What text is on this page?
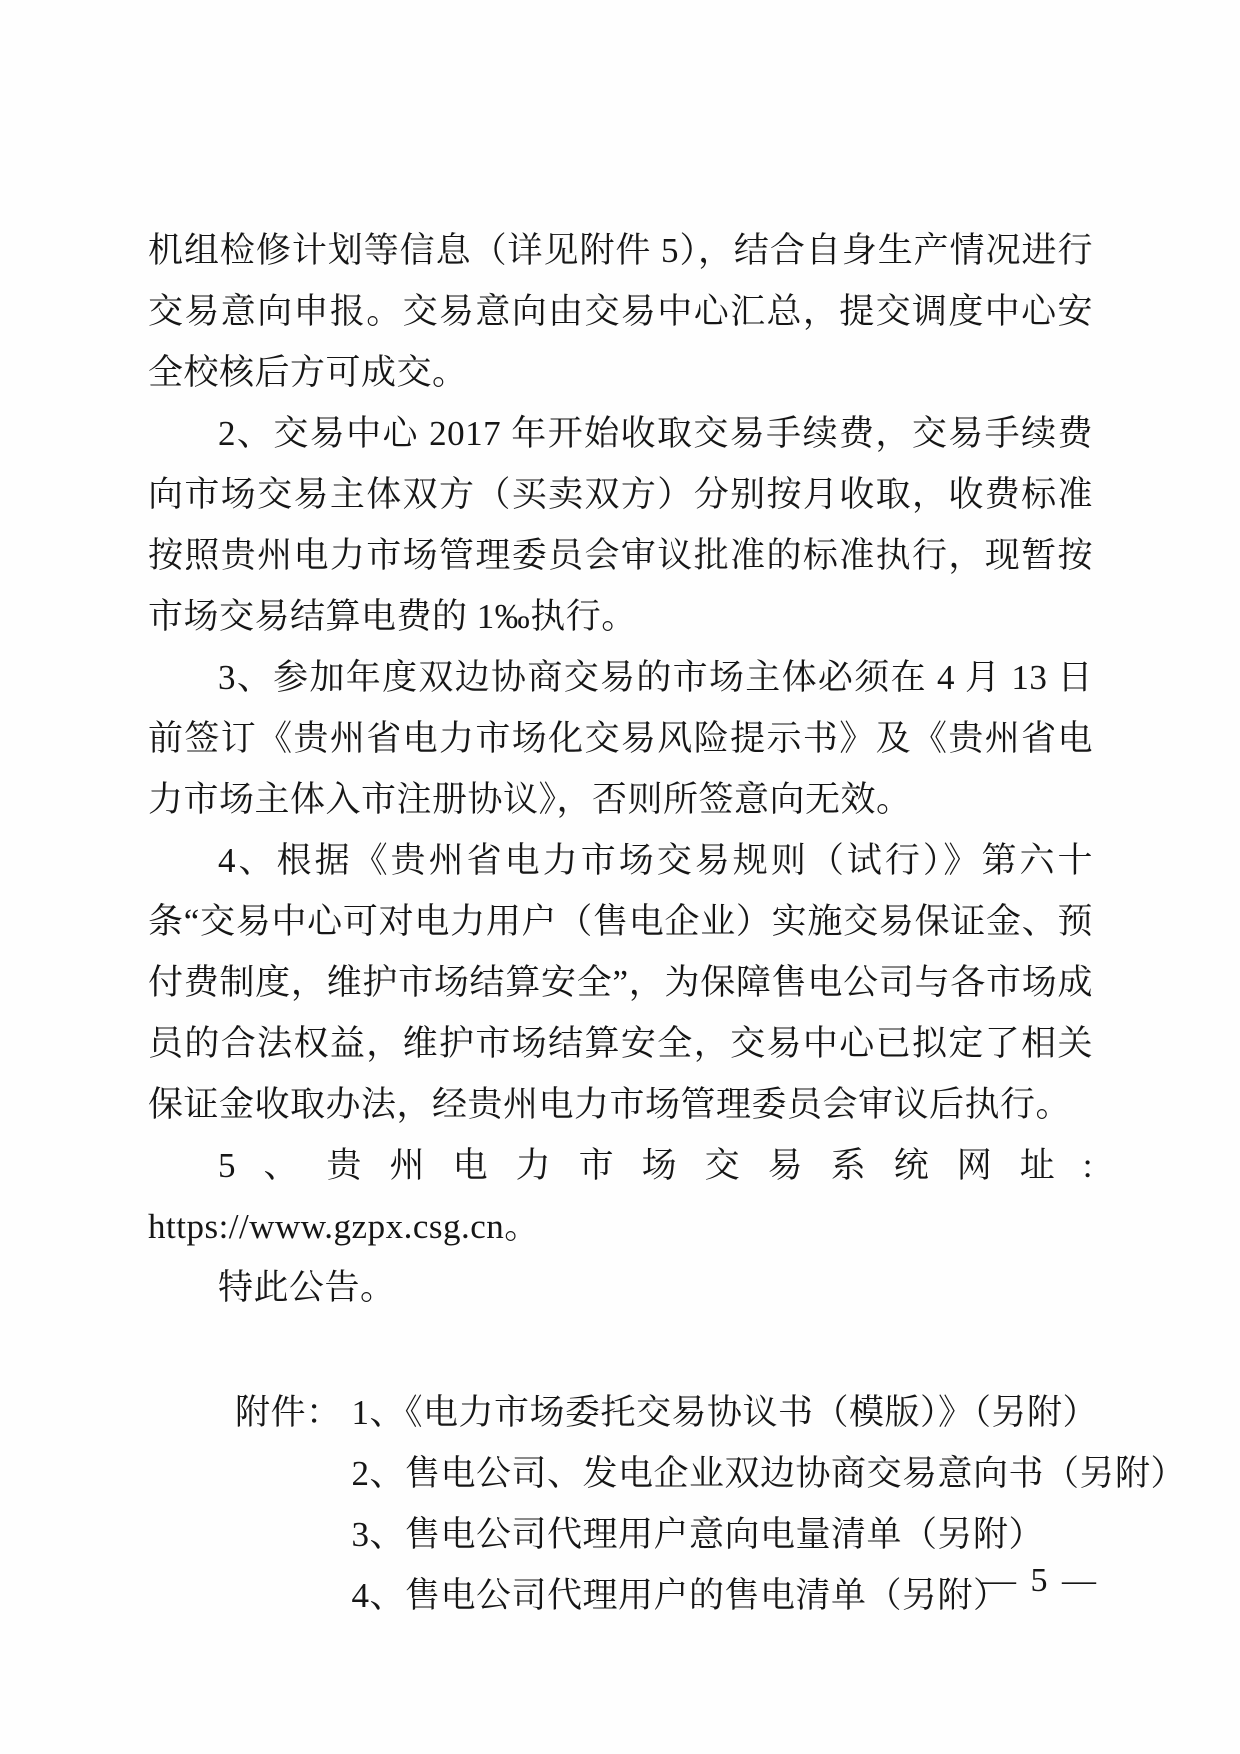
机组检修计划等信息（详见附件 5），结合自身生产情况进行交易意向申报。交易意向由交易中心汇总，提交调度中心安全校核后方可成交。

2、交易中心 2017 年开始收取交易手续费，交易手续费向市场交易主体双方（买卖双方）分别按月收取，收费标准按照贵州电力市场管理委员会审议批准的标准执行，现暂按市场交易结算电费的 1‰执行。

3、参加年度双边协商交易的市场主体必须在 4 月 13 日前签订《贵州省电力市场化交易风险提示书》及《贵州省电力市场主体入市注册协议》，否则所签意向无效。

4、根据《贵州省电力市场交易规则（试行）》第六十条“交易中心可对电力用户（售电企业）实施交易保证金、预付费制度，维护市场结算安全”，为保障售电公司与各市场成员的合法权益，维护市场结算安全，交易中心已拟定了相关保证金收取办法，经贵州电力市场管理委员会审议后执行。

5、贵州电力市场交易系统网址: https://www.gzpx.csg.cn。

特此公告。

附件： 1、《电力市场委托交易协议书（模版）》（另附）
2、售电公司、发电企业双边协商交易意向书（另附）
3、售电公司代理用户意向电量清单（另附）
4、售电公司代理用户的售电清单（另附）
— 5 —
